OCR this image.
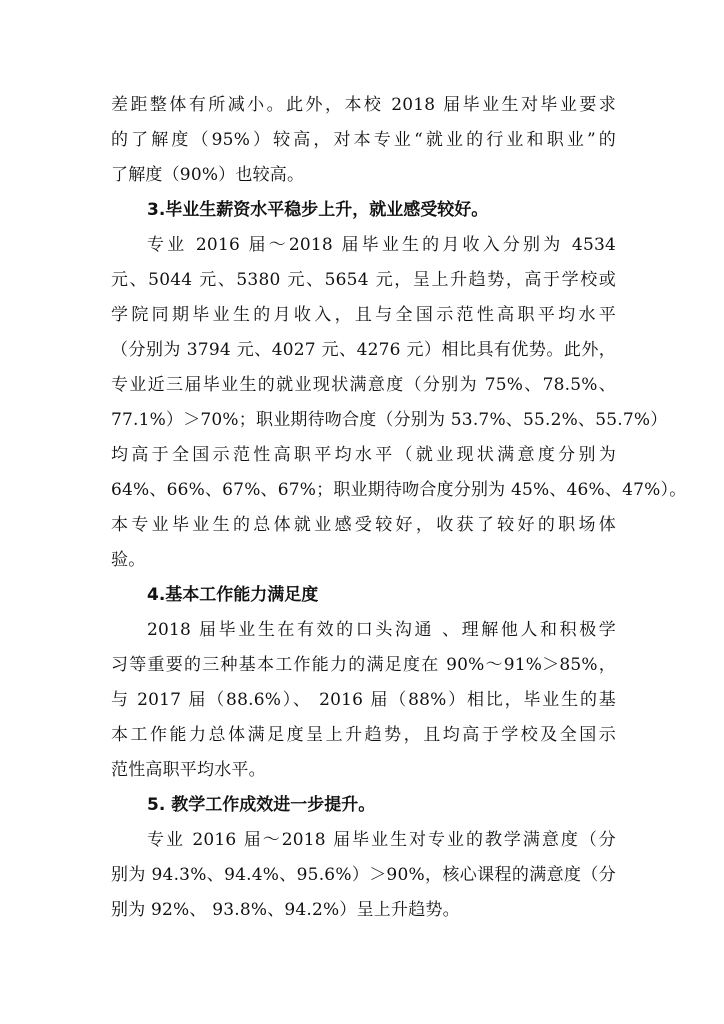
差距整体有所减小。此外，本校 2018 届毕业生对毕业要求
的了解度（95%）较高，对本专业“就业的行业和职业”的
了解度（90%）也较高。
3.毕业生薪资水平稳步上升，就业感受较好。
专业 2016 届～2018 届毕业生的月收入分别为 4534
元、5044 元、5380 元、5654 元，呈上升趋势，高于学校或
学院同期毕业生的月收入，且与全国示范性高职平均水平
（分别为 3794 元、4027 元、4276 元）相比具有优势。此外，
专业近三届毕业生的就业现状满意度（分别为 75%、78.5%、
77.1%）＞70%；职业期待吻合度（分别为 53.7%、55.2%、55.7%）
均高于全国示范性高职平均水平（就业现状满意度分别为
64%、66%、67%、67%；职业期待吻合度分别为 45%、46%、47%）。
本专业毕业生的总体就业感受较好，收获了较好的职场体
验。
4.基本工作能力满足度
2018 届毕业生在有效的口头沟通 、理解他人和积极学
习等重要的三种基本工作能力的满足度在 90%～91%＞85%，
与 2017 届（88.6%）、 2016 届（88%）相比，毕业生的基
本工作能力总体满足度呈上升趋势，且均高于学校及全国示
范性高职平均水平。
5. 教学工作成效进一步提升。
专业 2016 届～2018 届毕业生对专业的教学满意度（分
别为 94.3%、94.4%、95.6%）＞90%，核心课程的满意度（分
别为 92%、 93.8%、94.2%）呈上升趋势。
